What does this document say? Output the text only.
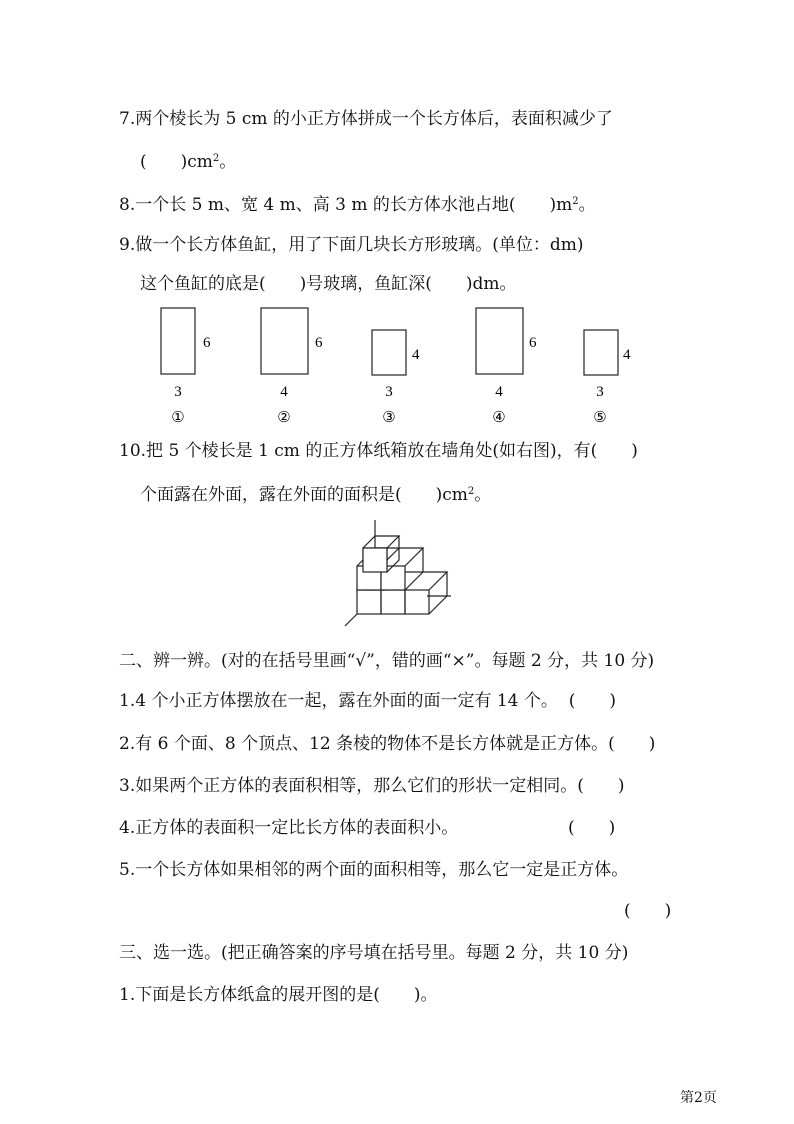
7.两个棱长为 5 cm 的小正方体拼成一个长方体后，表面积减少了
(　　)$cm^2$。
8.一个长 5 m、宽 4 m、高 3 m 的长方体水池占地(　　)$m^2$。
9.做一个长方体鱼缸，用了下面几块长方形玻璃。(单位：dm)
这个鱼缸的底是(　　)号玻璃，鱼缸深(　　)dm。
6
3
①
6
4
②
4
3
③
6
4
④
4
3
⑤
10.把 5 个棱长是 1 cm 的正方体纸箱放在墙角处(如右图)，有(　　)
个面露在外面，露在外面的面积是(　　)$cm^2$。
二、辨一辨。(对的在括号里画“√”，错的画“×”。每题 2 分，共 10 分)
1.4 个小正方体摆放在一起，露在外面的面一定有 14 个。 (　　)
2.有 6 个面、8 个顶点、12 条棱的物体不是长方体就是正方体。(　　)
3.如果两个正方体的表面积相等，那么它们的形状一定相同。(　　)
4.正方体的表面积一定比长方体的表面积小。	(　　)
5.一个长方体如果相邻的两个面的面积相等，那么它一定是正方体。
(　　)
三、选一选。(把正确答案的序号填在括号里。每题 2 分，共 10 分)
1.下面是长方体纸盒的展开图的是(　　)。
第2页
